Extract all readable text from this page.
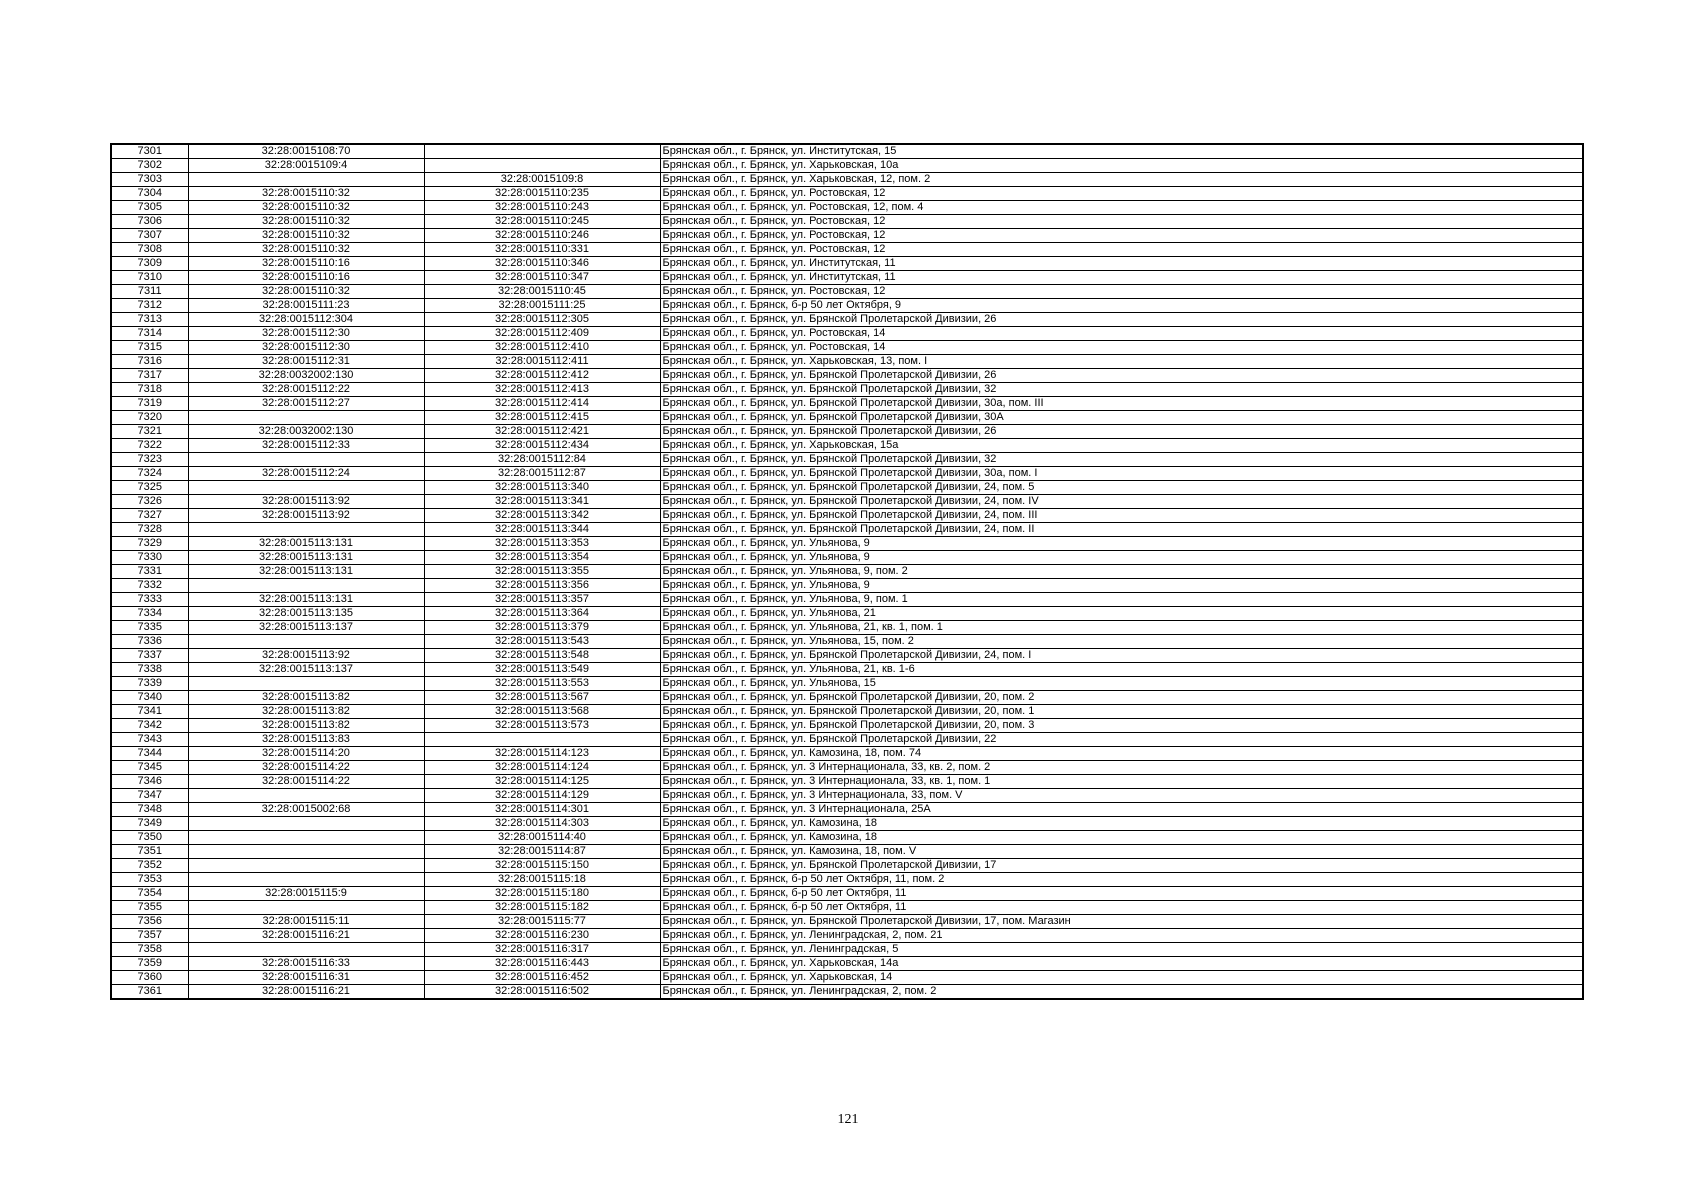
7301	32:28:0015108:70		Брянская обл., г. Брянск, ул. Институтская, 15
7302	32:28:0015109:4		Брянская обл., г. Брянск, ул. Харьковская, 10а
7303		32:28:0015109:8	Брянская обл., г. Брянск, ул. Харьковская, 12, пом. 2
7304	32:28:0015110:32	32:28:0015110:235	Брянская обл., г. Брянск, ул. Ростовская, 12
7305	32:28:0015110:32	32:28:0015110:243	Брянская обл., г. Брянск, ул. Ростовская, 12, пом. 4
7306	32:28:0015110:32	32:28:0015110:245	Брянская обл., г. Брянск, ул. Ростовская, 12
7307	32:28:0015110:32	32:28:0015110:246	Брянская обл., г. Брянск, ул. Ростовская, 12
7308	32:28:0015110:32	32:28:0015110:331	Брянская обл., г. Брянск, ул. Ростовская, 12
7309	32:28:0015110:16	32:28:0015110:346	Брянская обл., г. Брянск, ул. Институтская, 11
7310	32:28:0015110:16	32:28:0015110:347	Брянская обл., г. Брянск, ул. Институтская, 11
7311	32:28:0015110:32	32:28:0015110:45	Брянская обл., г. Брянск, ул. Ростовская, 12
7312	32:28:0015111:23	32:28:0015111:25	Брянская обл., г. Брянск, б-р 50 лет Октября, 9
7313	32:28:0015112:304	32:28:0015112:305	Брянская обл., г. Брянск, ул. Брянской Пролетарской Дивизии, 26
7314	32:28:0015112:30	32:28:0015112:409	Брянская обл., г. Брянск, ул. Ростовская, 14
7315	32:28:0015112:30	32:28:0015112:410	Брянская обл., г. Брянск, ул. Ростовская, 14
7316	32:28:0015112:31	32:28:0015112:411	Брянская обл., г. Брянск, ул. Харьковская, 13, пом. I
7317	32:28:0032002:130	32:28:0015112:412	Брянская обл., г. Брянск, ул. Брянской Пролетарской Дивизии, 26
7318	32:28:0015112:22	32:28:0015112:413	Брянская обл., г. Брянск, ул. Брянской Пролетарской Дивизии, 32
7319	32:28:0015112:27	32:28:0015112:414	Брянская обл., г. Брянск, ул. Брянской Пролетарской Дивизии, 30а, пом. III
7320		32:28:0015112:415	Брянская обл., г. Брянск, ул. Брянской Пролетарской Дивизии, 30А
7321	32:28:0032002:130	32:28:0015112:421	Брянская обл., г. Брянск, ул. Брянской Пролетарской Дивизии, 26
7322	32:28:0015112:33	32:28:0015112:434	Брянская обл., г. Брянск, ул. Харьковская, 15а
7323		32:28:0015112:84	Брянская обл., г. Брянск, ул. Брянской Пролетарской Дивизии, 32
7324	32:28:0015112:24	32:28:0015112:87	Брянская обл., г. Брянск, ул. Брянской Пролетарской Дивизии, 30а, пом. I
7325		32:28:0015113:340	Брянская обл., г. Брянск, ул. Брянской Пролетарской Дивизии, 24, пом. 5
7326	32:28:0015113:92	32:28:0015113:341	Брянская обл., г. Брянск, ул. Брянской Пролетарской Дивизии, 24, пом. IV
7327	32:28:0015113:92	32:28:0015113:342	Брянская обл., г. Брянск, ул. Брянской Пролетарской Дивизии, 24, пом. III
7328		32:28:0015113:344	Брянская обл., г. Брянск, ул. Брянской Пролетарской Дивизии, 24, пом. II
7329	32:28:0015113:131	32:28:0015113:353	Брянская обл., г. Брянск, ул. Ульянова, 9
7330	32:28:0015113:131	32:28:0015113:354	Брянская обл., г. Брянск, ул. Ульянова, 9
7331	32:28:0015113:131	32:28:0015113:355	Брянская обл., г. Брянск, ул. Ульянова, 9, пом. 2
7332		32:28:0015113:356	Брянская обл., г. Брянск, ул. Ульянова, 9
7333	32:28:0015113:131	32:28:0015113:357	Брянская обл., г. Брянск, ул. Ульянова, 9, пом. 1
7334	32:28:0015113:135	32:28:0015113:364	Брянская обл., г. Брянск, ул. Ульянова, 21
7335	32:28:0015113:137	32:28:0015113:379	Брянская обл., г. Брянск, ул. Ульянова, 21, кв. 1, пом. 1
7336		32:28:0015113:543	Брянская обл., г. Брянск, ул. Ульянова, 15, пом. 2
7337	32:28:0015113:92	32:28:0015113:548	Брянская обл., г. Брянск, ул. Брянской Пролетарской Дивизии, 24, пом. I
7338	32:28:0015113:137	32:28:0015113:549	Брянская обл., г. Брянск, ул. Ульянова, 21, кв. 1-6
7339		32:28:0015113:553	Брянская обл., г. Брянск, ул. Ульянова, 15
7340	32:28:0015113:82	32:28:0015113:567	Брянская обл., г. Брянск, ул. Брянской Пролетарской Дивизии, 20, пом. 2
7341	32:28:0015113:82	32:28:0015113:568	Брянская обл., г. Брянск, ул. Брянской Пролетарской Дивизии, 20, пом. 1
7342	32:28:0015113:82	32:28:0015113:573	Брянская обл., г. Брянск, ул. Брянской Пролетарской Дивизии, 20, пом. 3
7343	32:28:0015113:83		Брянская обл., г. Брянск, ул. Брянской Пролетарской Дивизии, 22
7344	32:28:0015114:20	32:28:0015114:123	Брянская обл., г. Брянск, ул. Камозина, 18, пом. 74
7345	32:28:0015114:22	32:28:0015114:124	Брянская обл., г. Брянск, ул. 3 Интернационала, 33, кв. 2, пом. 2
7346	32:28:0015114:22	32:28:0015114:125	Брянская обл., г. Брянск, ул. 3 Интернационала, 33, кв. 1, пом. 1
7347		32:28:0015114:129	Брянская обл., г. Брянск, ул. 3 Интернационала, 33, пом. V
7348	32:28:0015002:68	32:28:0015114:301	Брянская обл., г. Брянск, ул. 3 Интернационала, 25А
7349		32:28:0015114:303	Брянская обл., г. Брянск, ул. Камозина, 18
7350		32:28:0015114:40	Брянская обл., г. Брянск, ул. Камозина, 18
7351		32:28:0015114:87	Брянская обл., г. Брянск, ул. Камозина, 18, пом. V
7352		32:28:0015115:150	Брянская обл., г. Брянск, ул. Брянской Пролетарской Дивизии, 17
7353		32:28:0015115:18	Брянская обл., г. Брянск, б-р 50 лет Октября, 11, пом. 2
7354	32:28:0015115:9	32:28:0015115:180	Брянская обл., г. Брянск, б-р 50 лет Октября, 11
7355		32:28:0015115:182	Брянская обл., г. Брянск, б-р 50 лет Октября, 11
7356	32:28:0015115:11	32:28:0015115:77	Брянская обл., г. Брянск, ул. Брянской Пролетарской Дивизии, 17, пом. Магазин
7357	32:28:0015116:21	32:28:0015116:230	Брянская обл., г. Брянск, ул. Ленинградская, 2, пом. 21
7358		32:28:0015116:317	Брянская обл., г. Брянск, ул. Ленинградская, 5
7359	32:28:0015116:33	32:28:0015116:443	Брянская обл., г. Брянск, ул. Харьковская, 14а
7360	32:28:0015116:31	32:28:0015116:452	Брянская обл., г. Брянск, ул. Харьковская, 14
7361	32:28:0015116:21	32:28:0015116:502	Брянская обл., г. Брянск, ул. Ленинградская, 2, пом. 2
121
